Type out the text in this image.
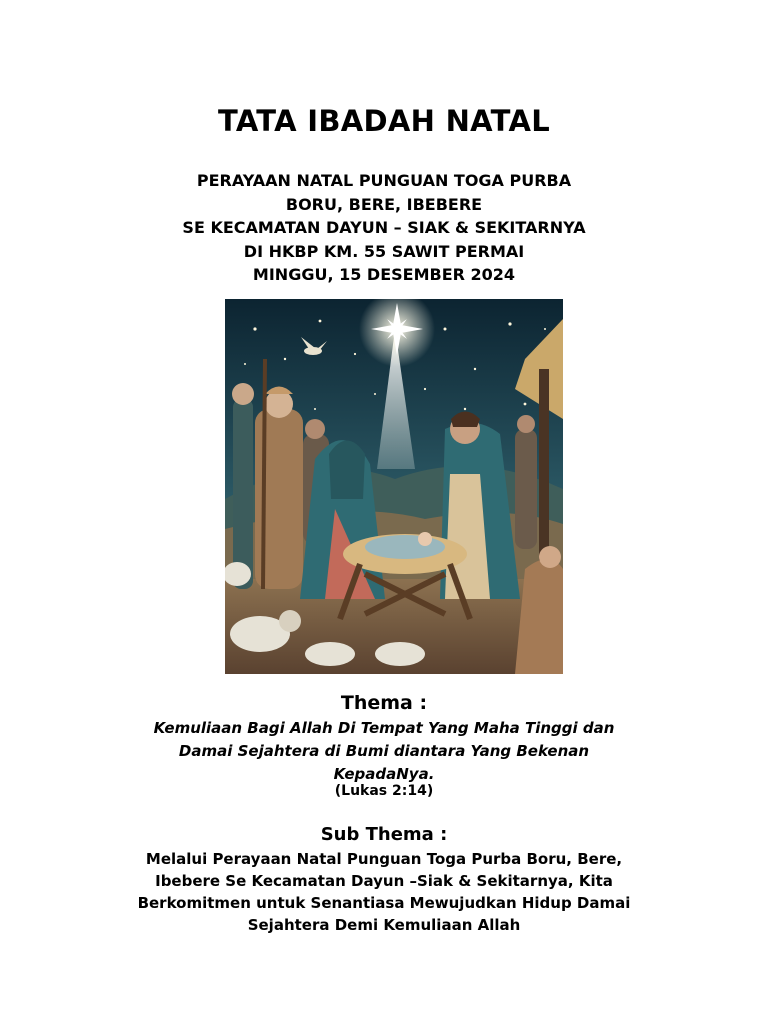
TATA IBADAH NATAL
PERAYAAN NATAL PUNGUAN TOGA PURBA
BORU, BERE, IBEBERE
SE KECAMATAN DAYUN – SIAK & SEKITARNYA
DI HKBP KM. 55 SAWIT PERMAI
MINGGU, 15 DESEMBER 2024
Thema :
Kemuliaan Bagi Allah Di Tempat Yang Maha Tinggi dan
Damai Sejahtera di Bumi diantara Yang Bekenan
KepadaNya.
(Lukas 2:14)
Sub Thema :
Melalui Perayaan Natal Punguan Toga Purba Boru, Bere,
Ibebere Se Kecamatan Dayun –Siak & Sekitarnya, Kita
Berkomitmen untuk Senantiasa Mewujudkan Hidup Damai
Sejahtera Demi Kemuliaan Allah
